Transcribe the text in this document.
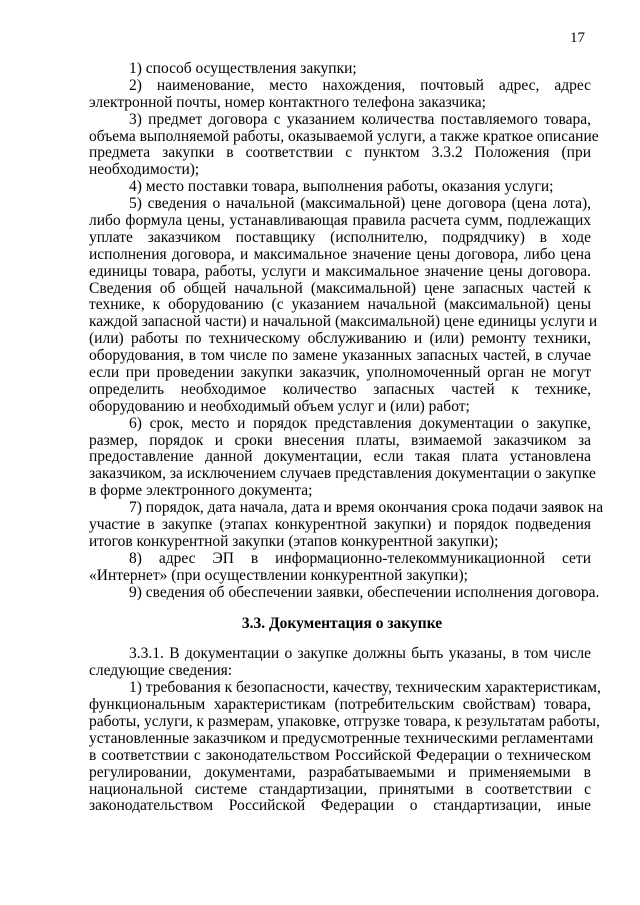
17
1) способ осуществления закупки;
2) наименование, место нахождения, почтовый адрес, адрес
электронной почты, номер контактного телефона заказчика;
3) предмет договора с указанием количества поставляемого товара,
объема выполняемой работы, оказываемой услуги, а также краткое описание
предмета закупки в соответствии с пунктом 3.3.2 Положения (при
необходимости);
4) место поставки товара, выполнения работы, оказания услуги;
5) сведения о начальной (максимальной) цене договора (цена лота),
либо формула цены, устанавливающая правила расчета сумм, подлежащих
уплате заказчиком поставщику (исполнителю, подрядчику) в ходе
исполнения договора, и максимальное значение цены договора, либо цена
единицы товара, работы, услуги и максимальное значение цены договора.
Сведения об общей начальной (максимальной) цене запасных частей к
технике, к оборудованию (с указанием начальной (максимальной) цены
каждой запасной части) и начальной (максимальной) цене единицы услуги и
(или) работы по техническому обслуживанию и (или) ремонту техники,
оборудования, в том числе по замене указанных запасных частей, в случае
если при проведении закупки заказчик, уполномоченный орган не могут
определить необходимое количество запасных частей к технике,
оборудованию и необходимый объем услуг и (или) работ;
6) срок, место и порядок представления документации о закупке,
размер, порядок и сроки внесения платы, взимаемой заказчиком за
предоставление данной документации, если такая плата установлена
заказчиком, за исключением случаев представления документации о закупке
в форме электронного документа;
7) порядок, дата начала, дата и время окончания срока подачи заявок на
участие в закупке (этапах конкурентной закупки) и порядок подведения
итогов конкурентной закупки (этапов конкурентной закупки);
8) адрес ЭП в информационно-телекоммуникационной сети
«Интернет» (при осуществлении конкурентной закупки);
9) сведения об обеспечении заявки, обеспечении исполнения договора.
3.3. Документация о закупке
3.3.1. В документации о закупке должны быть указаны, в том числе
следующие сведения:
1) требования к безопасности, качеству, техническим характеристикам,
функциональным характеристикам (потребительским свойствам) товара,
работы, услуги, к размерам, упаковке, отгрузке товара, к результатам работы,
установленные заказчиком и предусмотренные техническими регламентами
в соответствии с законодательством Российской Федерации о техническом
регулировании, документами, разрабатываемыми и применяемыми в
национальной системе стандартизации, принятыми в соответствии с
законодательством Российской Федерации о стандартизации, иные
